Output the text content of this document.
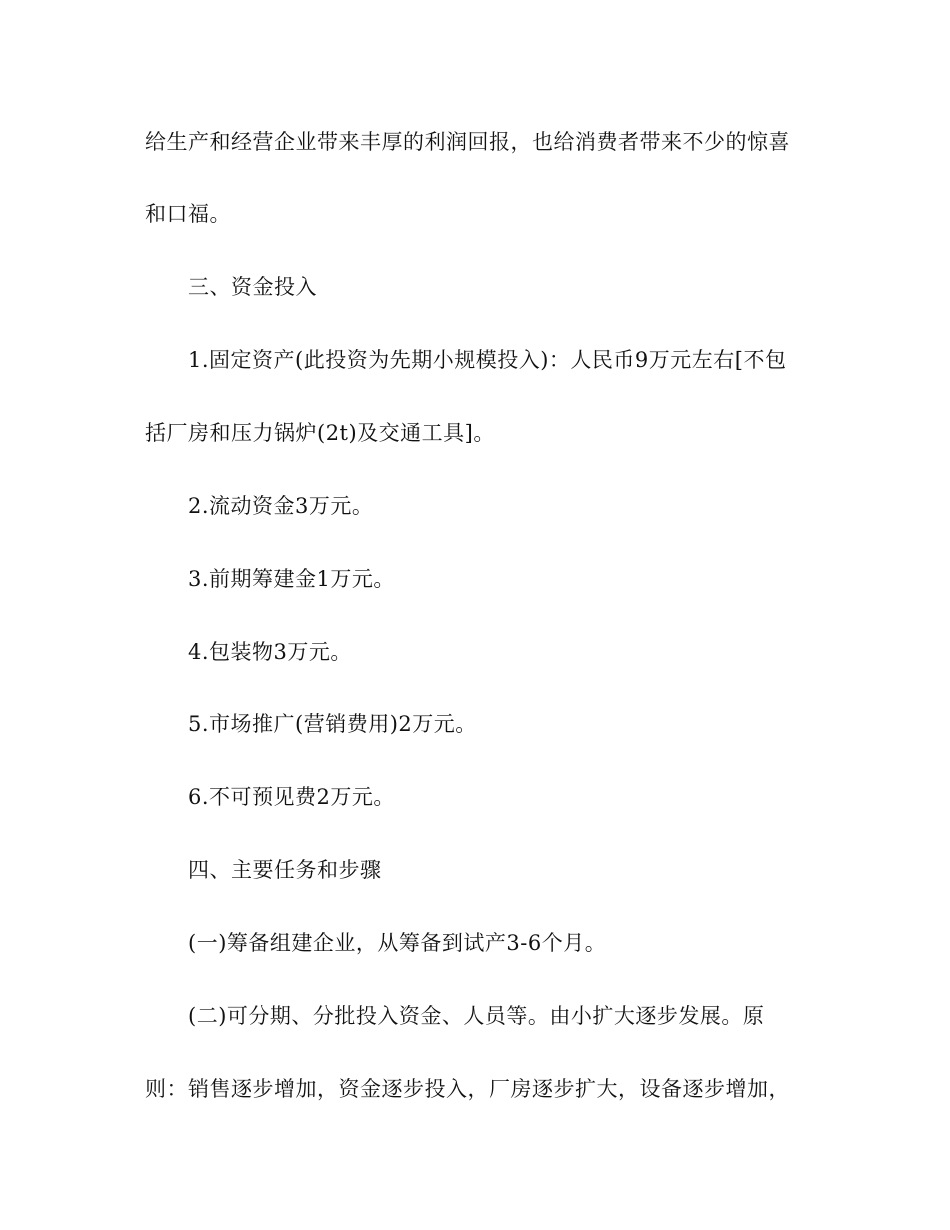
给生产和经营企业带来丰厚的利润回报，也给消费者带来不少的惊喜
和口福。
三、资金投入
1.固定资产(此投资为先期小规模投入)：人民币9万元左右[不包
括厂房和压力锅炉(2t)及交通工具]。
2.流动资金3万元。
3.前期筹建金1万元。
4.包装物3万元。
5.市场推广(营销费用)2万元。
6.不可预见费2万元。
四、主要任务和步骤
(一)筹备组建企业，从筹备到试产3-6个月。
(二)可分期、分批投入资金、人员等。由小扩大逐步发展。原
则：销售逐步增加，资金逐步投入，厂房逐步扩大，设备逐步增加，
